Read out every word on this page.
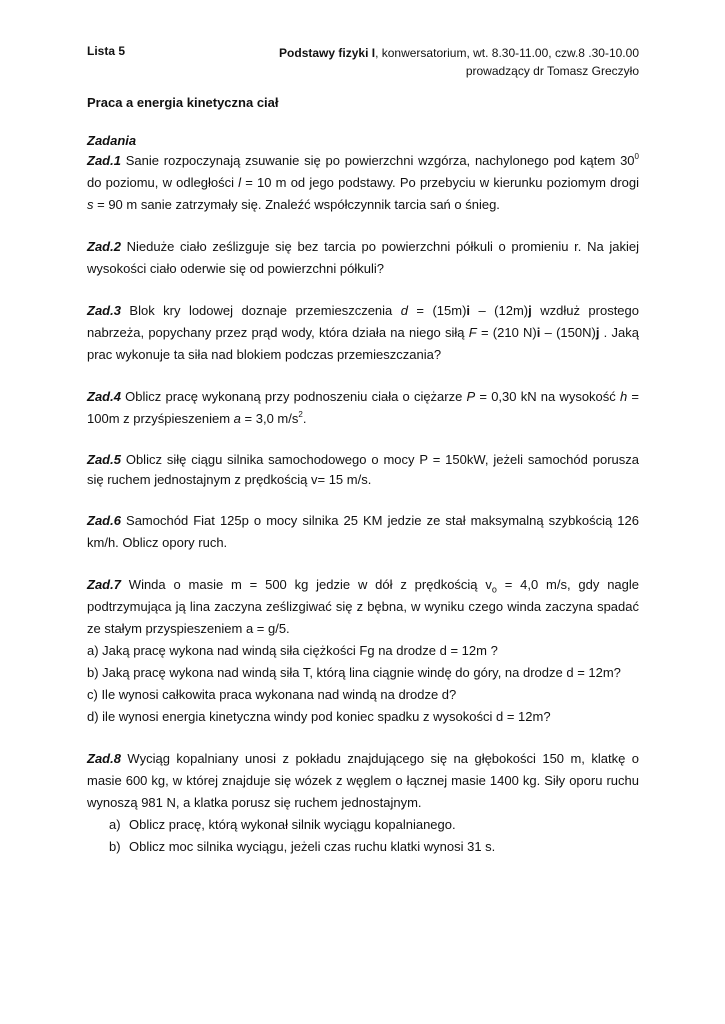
Lista 5	Podstawy fizyki I, konwersatorium, wt. 8.30-11.00, czw.8 .30-10.00
prowadzący dr Tomasz Greczyło

Praca a energia kinetyczna ciał

Zadania

Zad.1 Sanie rozpoczynają zsuwanie się po powierzchni wzgórza, nachylonego pod kątem $30^0$ do poziomu, w odległości l = 10 m od jego podstawy. Po przebyciu w kierunku poziomym drogi s = 90 m sanie zatrzymały się. Znaleźć współczynnik tarcia sań o śnieg.

Zad.2 Nieduże ciało ześlizguje się bez tarcia po powierzchni półkuli o promieniu r. Na jakiej wysokości ciało oderwie się od powierzchni półkuli?

Zad.3 Blok kry lodowej doznaje przemieszczenia d = (15m)i – (12m)j wzdłuż prostego nabrzeża, popychany przez prąd wody, która działa na niego siłą F = (210 N)i – (150N)j . Jaką prac wykonuje ta siła nad blokiem podczas przemieszczania?

Zad.4 Oblicz pracę wykonaną przy podnoszeniu ciała o ciężarze P = 0,30 kN na wysokość h = 100m z przyśpieszeniem a = 3,0 $m/s^2$.

Zad.5 Oblicz siłę ciągu silnika samochodowego o mocy P = 150kW, jeżeli samochód porusza się ruchem jednostajnym z prędkością v= 15 m/s.

Zad.6 Samochód Fiat 125p o mocy silnika 25 KM jedzie ze stał maksymalną szybkością 126 km/h. Oblicz opory ruch.

Zad.7 Winda o masie m = 500 kg jedzie w dół z prędkością $v_o = 4,0$ m/s, gdy nagle podtrzymująca ją lina zaczyna ześlizgiwać się z bębna, w wyniku czego winda zaczyna spadać ze stałym przyspieszeniem a = g/5.

a) Jaką pracę wykona nad windą siła ciężkości Fg na drodze d = 12m ?

b) Jaką pracę wykona nad windą siła T, którą lina ciągnie windę do góry, na drodze d = 12m?

c) Ile wynosi całkowita praca wykonana nad windą na drodze d?

d) ile wynosi energia kinetyczna windy pod koniec spadku z wysokości d = 12m?

Zad.8 Wyciąg kopalniany unosi z pokładu znajdującego się na głębokości 150 m, klatkę o masie 600 kg, w której znajduje się wózek z węglem o łącznej masie 1400 kg. Siły oporu ruchu wynoszą 981 N, a klatka porusz się ruchem jednostajnym.

a) Oblicz pracę, którą wykonał silnik wyciągu kopalnianego.
b) Oblicz moc silnika wyciągu, jeżeli czas ruchu klatki wynosi 31 s.
